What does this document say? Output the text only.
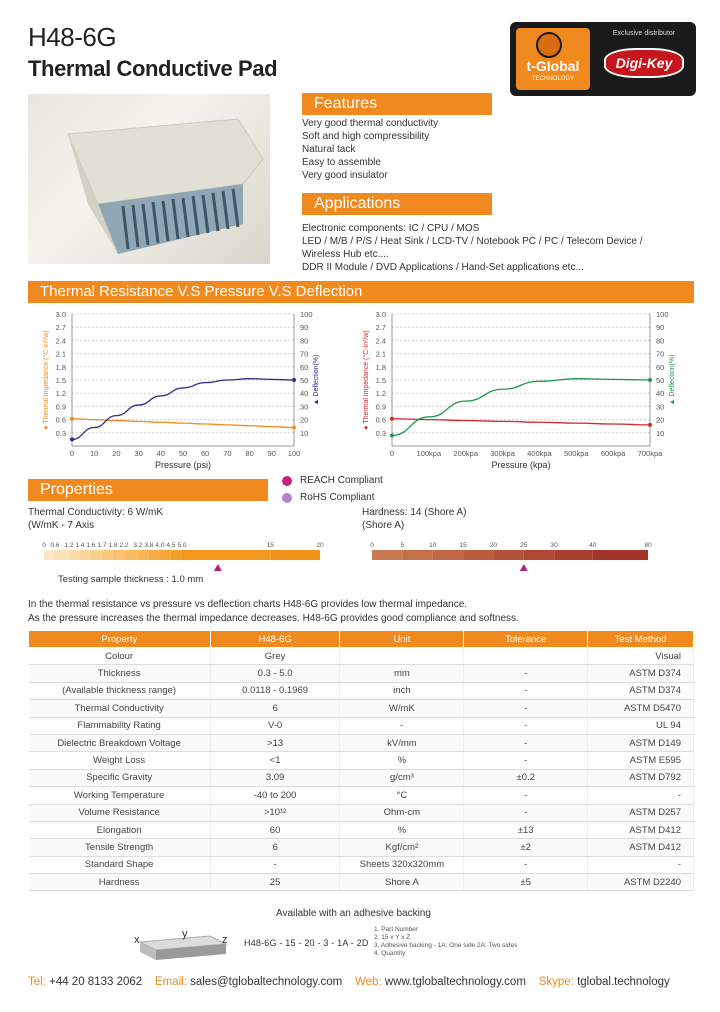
H48-6G
Thermal Conductive Pad	t-Global
TECHNOLOGY
Exclusive distributor
Digi-Key
Features
Very good thermal conductivity
Soft and high compressibility
Natural tack
Easy to assemble
Very good insulator
Applications
Electronic components: IC / CPU / MOS
LED / M/B / P/S / Heat Sink / LCD-TV / Notebook PC / PC / Telecom Device /
Wireless Hub etc....
DDR II Module / DVD Applications / Hand-Set applications etc...
Thermal Resistance V.S Pressure V.S Deflection
0.3
0.6
0.9
1.2
1.5
1.8
2.1
2.4
2.7
3.0
10
20
30
40
50
60
70
80
90
100
0 10 20 30 40 50 60 70 80 90 100
Pressure (psi)
● Thermal impedance (°C-in²/w)	▲ Deflection(%)
0.3
0.6
0.9
1.2
1.5
1.8
2.1
2.4
2.7
3.0
10
20
30
40
50
60
70
80
90
100
0	100kpa 200kpa 300kpa 400kpa 500kpa 600kpa 700kpa
Pressure (kpa)
● Thermal impedance (°C-in²/w)	▲ Deflection(%)
Properties
REACH Compliant
RoHS Compliant
Thermal Conductivity: 6 W/mK
(W/mK - 7 Axis
Hardness: 14 (Shore A)
(Shore A)
0 0.6 1.2 1.4 1.6 1.7 1.8 2.2 3.2 3.8 4.0 4.5 5.0	15	20	0	5	10	15	20	25	30	40	80
Testing sample thickness : 1.0 mm
In the thermal resistance vs pressure vs deflection charts H48-6G provides low thermal impedance.
As the pressure increases the thermal impedance decreases. H48-6G provides good compliance and softness.
Property	H48-6G	Unit	Tolerance	Test Method
Colour	Grey			Visual
Thickness	0.3 - 5.0	mm	-	ASTM D374
(Available thickness range)	0.0118 - 0.1969	inch	-	ASTM D374
Thermal Conductivity	6	W/mK	-	ASTM D5470
Flammability Rating	V-0	-	-	UL 94
Dielectric Breakdown Voltage	>13	kV/mm	-	ASTM D149
Weight Loss	<1	%	-	ASTM E595
Specific Gravity	3.09	g/cm³	±0.2	ASTM D792
Working Temperature	-40 to 200	°C	-	-
Volume Resistance	>10¹²	Ohm-cm	-	ASTM D257
Elongation	60	%	±13	ASTM D412
Tensile Strength	6	Kgf/cm²	±2	ASTM D412
Standard Shape	-	Sheets 320x320mm	-	-
Hardness	25	Shore A	±5	ASTM D2240
Available with an adhesive backing
x	y	z H48-6G - 15 - 20 - 3 - 1A - 2D
1. Part Number
2. 15 x Y x Z
3. Adhesive backing - 1A: One side 2A: Two sides
4. Quantity
Tel: +44 20 8133 2062 Email: sales@tglobaltechnology.com Web: www.tglobaltechnology.com Skype: tglobal.technology
